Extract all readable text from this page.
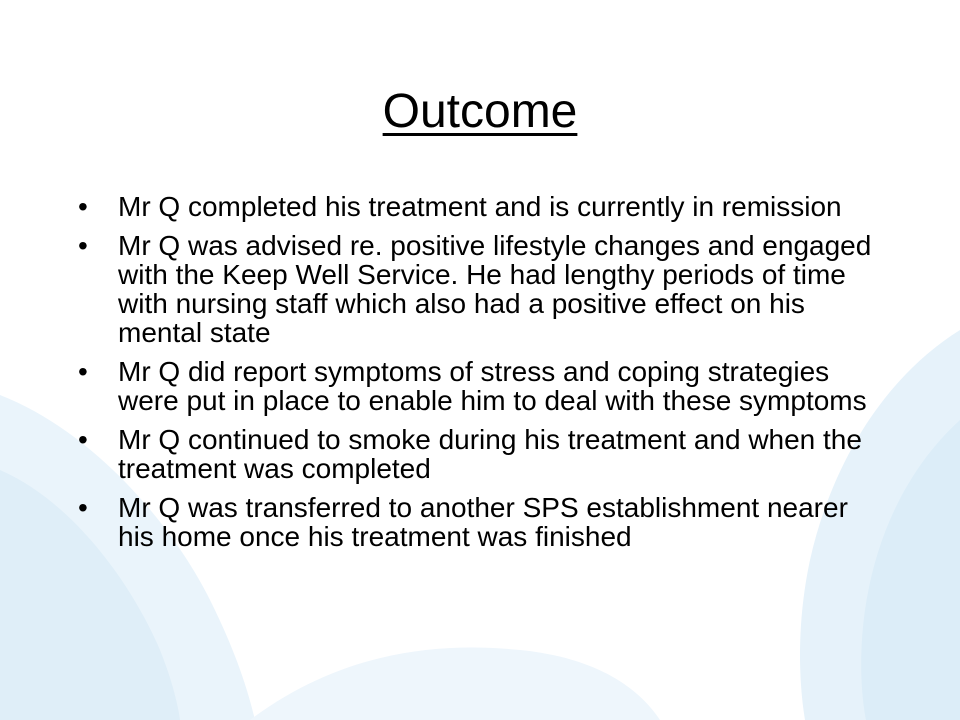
Outcome
•	Mr Q completed his treatment and is currently in remission
•	Mr Q was advised re. positive lifestyle changes and engaged with the Keep Well Service. He had lengthy periods of time with nursing staff which also had a positive effect on his mental state
•	Mr Q did report symptoms of stress and coping strategies were put in place to enable him to deal with these symptoms
•	Mr Q continued to smoke during his treatment and when the treatment was completed
•	Mr Q was transferred to another SPS establishment nearer his home once his treatment was finished
